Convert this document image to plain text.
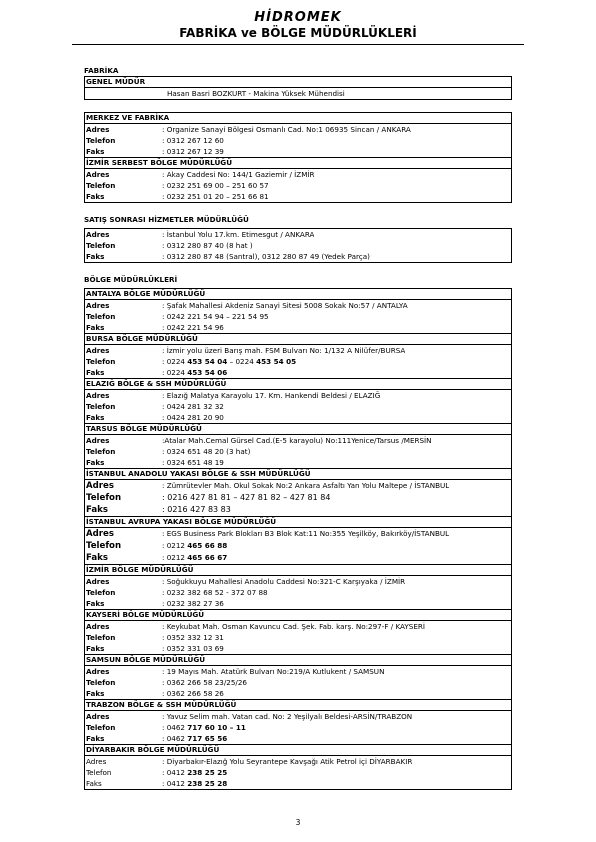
HİDROMEK
FABRİKA ve BÖLGE MÜDÜRLÜKLERİ
FABRİKA
GENEL MÜDÜR
Hasan Basri BOZKURT - Makina Yüksek Mühendisi
MERKEZ VE FABRİKA
Adres	: Organize Sanayi Bölgesi Osmanlı Cad. No:1 06935 Sincan / ANKARA
Telefon	: 0312 267 12 60
Faks	: 0312 267 12 39
İZMİR SERBEST BÖLGE MÜDÜRLÜĞÜ
Adres	: Akay Caddesi No: 144/1 Gaziemir / İZMİR
Telefon	: 0232 251 69 00 – 251 60 57
Faks	: 0232 251 01 20 – 251 66 81
SATIŞ SONRASI HİZMETLER MÜDÜRLÜĞÜ
Adres	: İstanbul Yolu 17.km. Etimesgut / ANKARA
Telefon	: 0312 280 87 40 (8 hat )
Faks	: 0312 280 87 48 (Santral), 0312 280 87 49 (Yedek Parça)
BÖLGE MÜDÜRLÜKLERİ
ANTALYA BÖLGE MÜDÜRLÜĞÜ
Adres	: Şafak Mahallesi Akdeniz Sanayi Sitesi 5008 Sokak No:57 / ANTALYA
Telefon	: 0242 221 54 94 – 221 54 95
Faks	: 0242 221 54 96
BURSA BÖLGE MÜDÜRLÜĞÜ
Adres	: İzmir yolu üzeri Barış mah. FSM Bulvarı No: 1/132 A Nilüfer/BURSA
Telefon	: 0224 453 54 04 – 0224 453 54 05
Faks	: 0224 453 54 06
ELAZIĞ BÖLGE & SSH MÜDÜRLÜĞÜ
Adres	: Elazığ Malatya Karayolu 17. Km. Hankendi Beldesi / ELAZIĞ
Telefon	: 0424 281 32 32
Faks	: 0424 281 20 90
TARSUS BÖLGE MÜDÜRLÜĞÜ
Adres	:Atalar Mah.Cemal Gürsel Cad.(E-5 karayolu) No:111Yenice/Tarsus /MERSİN
Telefon	: 0324 651 48 20 (3 hat)
Faks	: 0324 651 48 19
İSTANBUL ANADOLU YAKASI BÖLGE & SSH MÜDÜRLÜĞÜ
Adres	: Zümrütevler Mah. Okul Sokak No:2 Ankara Asfaltı Yan Yolu Maltepe / İSTANBUL
Telefon	: 0216 427 81 81 – 427 81 82 – 427 81 84
Faks	: 0216 427 83 83
İSTANBUL AVRUPA YAKASI BÖLGE MÜDÜRLÜĞÜ
Adres	: EGS Business Park Blokları B3 Blok Kat:11 No:355 Yeşilköy, Bakırköy/İSTANBUL
Telefon	: 0212 465 66 88
Faks	: 0212 465 66 67
İZMİR BÖLGE MÜDÜRLÜĞÜ
Adres	: Soğukkuyu Mahallesi Anadolu Caddesi No:321-C Karşıyaka / İZMİR
Telefon	: 0232 382 68 52 - 372 07 88
Faks	: 0232 382 27 36
KAYSERİ BÖLGE MÜDÜRLÜĞÜ
Adres	: Keykubat Mah. Osman Kavuncu Cad. Şek. Fab. karş. No:297-F / KAYSERİ
Telefon	: 0352 332 12 31
Faks	: 0352 331 03 69
SAMSUN BÖLGE MÜDÜRLÜĞÜ
Adres	: 19 Mayıs Mah. Atatürk Bulvarı No:219/A Kutlukent / SAMSUN
Telefon	: 0362 266 58 23/25/26
Faks	: 0362 266 58 26
TRABZON BÖLGE & SSH MÜDÜRLÜĞÜ
Adres	: Yavuz Selim mah. Vatan cad. No: 2 Yeşilyalı Beldesi-ARSİN/TRABZON
Telefon	: 0462 717 60 10 – 11
Faks	: 0462 717 65 56
DİYARBAKIR BÖLGE MÜDÜRLÜĞÜ
Adres	: Diyarbakır-Elazığ Yolu Seyrantepe Kavşağı Atik Petrol içi DİYARBAKIR
Telefon	: 0412 238 25 25
Faks	: 0412 238 25 28
3
